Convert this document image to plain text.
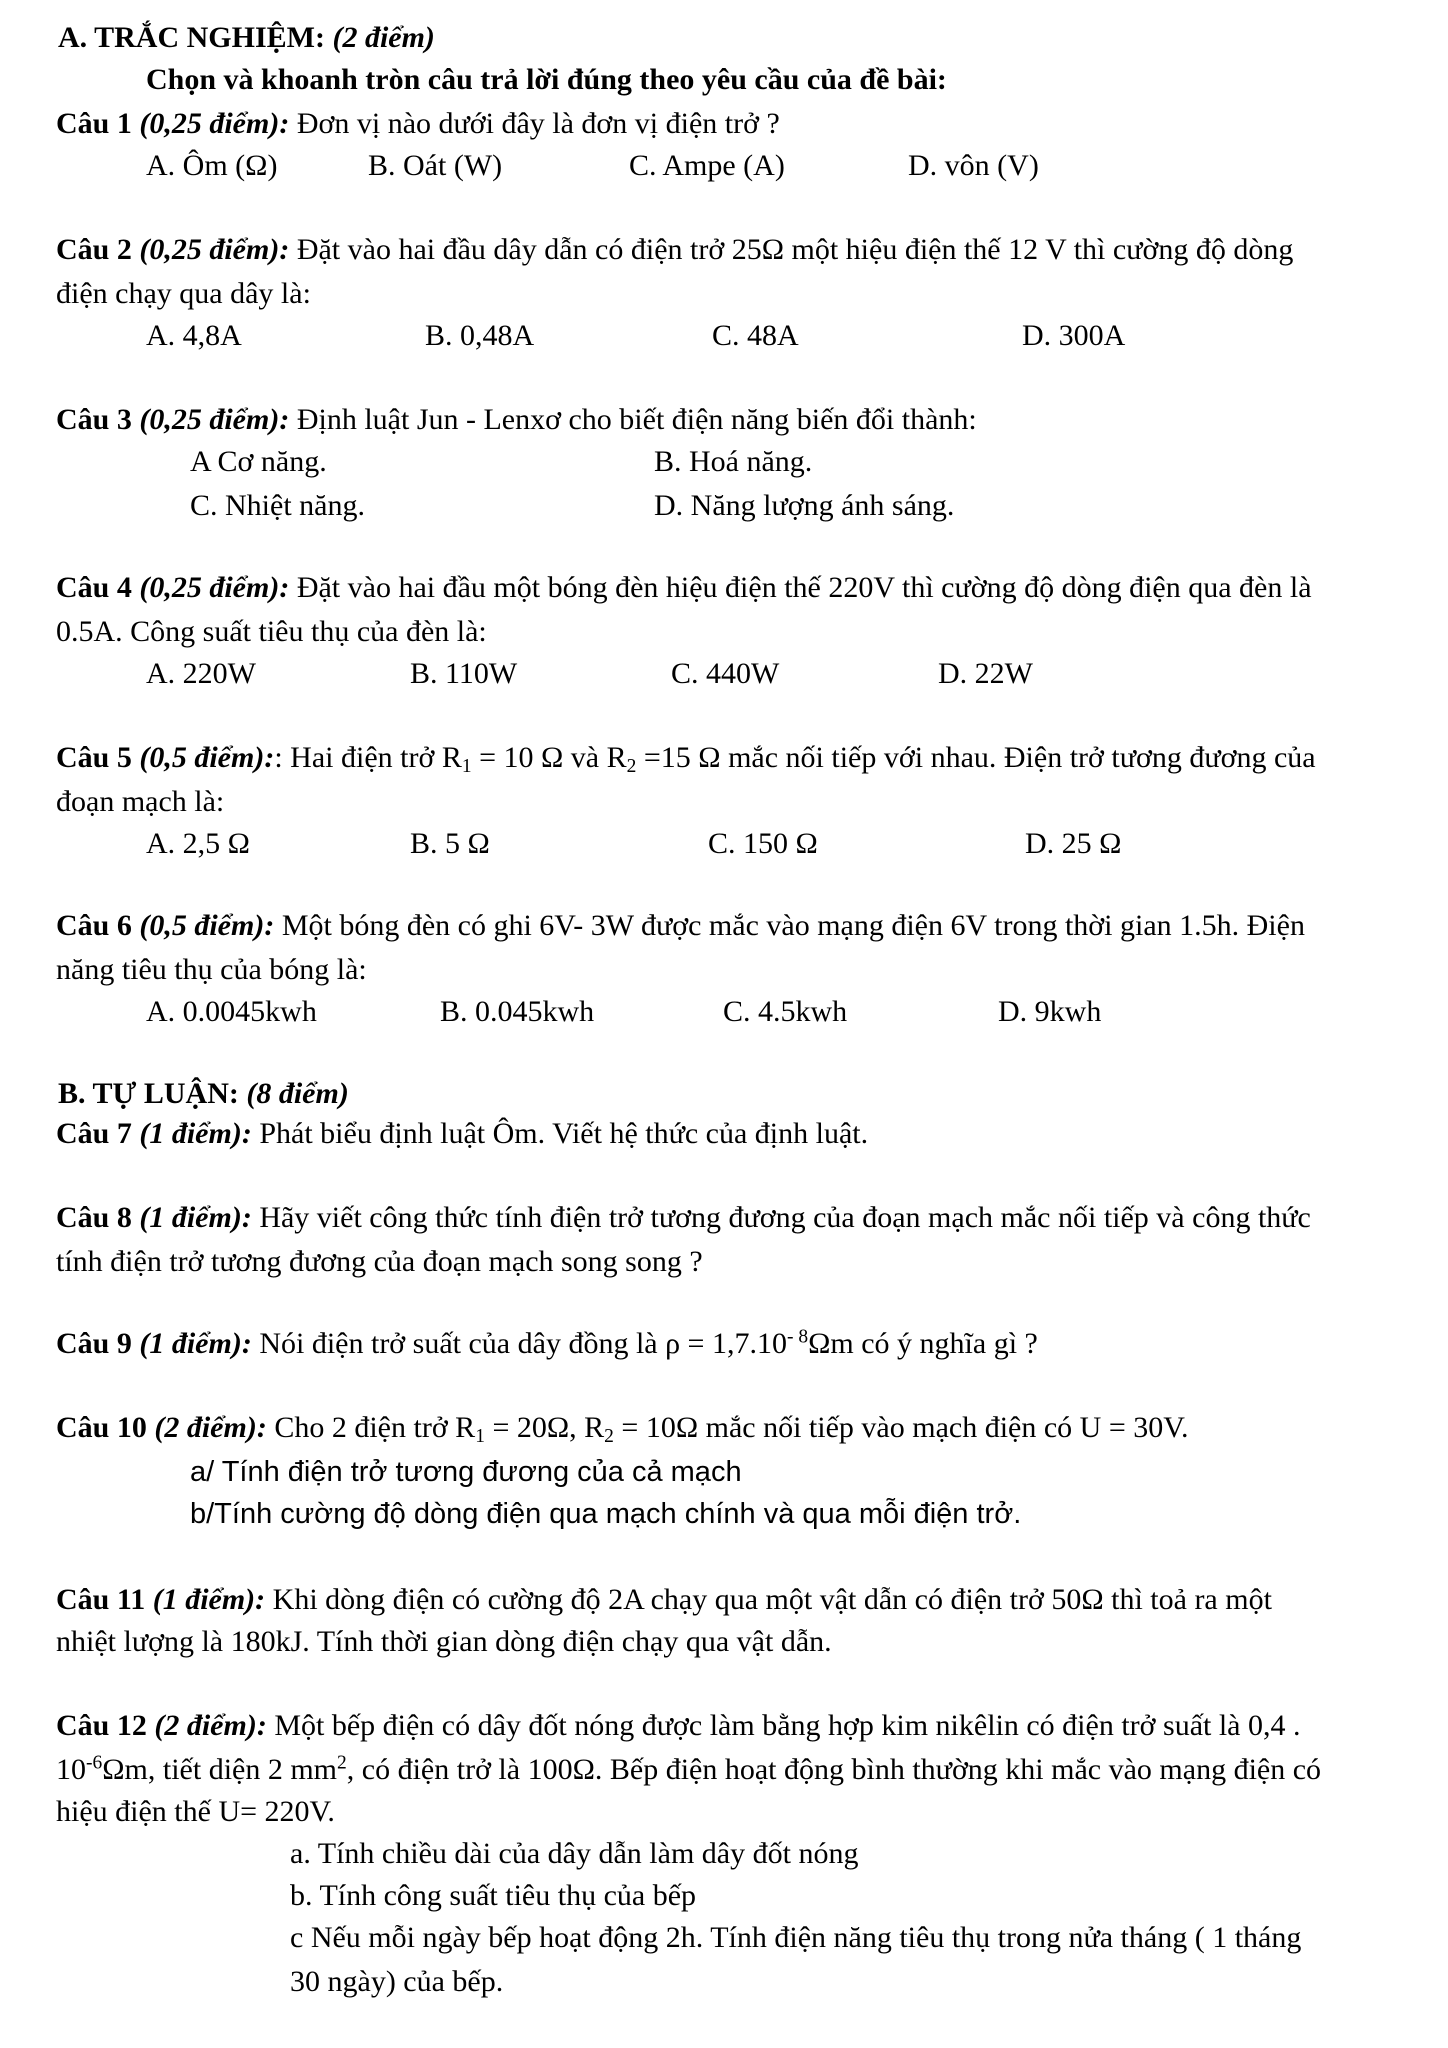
A. TRẮC NGHIỆM: (2 điểm)
Chọn và khoanh tròn câu trả lời đúng theo yêu cầu của đề bài:
Câu 1 (0,25 điểm): Đơn vị nào dưới đây là đơn vị điện trở ?
A. Ôm (Ω)	B. Oát (W)	C. Ampe (A)	D. vôn (V)
Câu 2 (0,25 điểm): Đặt vào hai đầu dây dẫn có điện trở 25Ω một hiệu điện thế 12 V thì cường độ dòng
điện chạy qua dây là:
A. 4,8A	B. 0,48A	C. 48A	D. 300A
Câu 3 (0,25 điểm): Định luật Jun - Lenxơ cho biết điện năng biến đổi thành:
A Cơ năng.	B. Hoá năng.
C. Nhiệt năng.	D. Năng lượng ánh sáng.
Câu 4 (0,25 điểm): Đặt vào hai đầu một bóng đèn hiệu điện thế 220V thì cường độ dòng điện qua đèn là
0.5A. Công suất tiêu thụ của đèn là:
A. 220W	B. 110W	C. 440W	D. 22W
Câu 5 (0,5 điểm):: Hai điện trở $R_1 = 10$ Ω và $R_2 =15$ Ω mắc nối tiếp với nhau. Điện trở tương đương của
đoạn mạch là:
A. 2,5 Ω	B. 5 Ω	C. 150 Ω	D. 25 Ω
Câu 6 (0,5 điểm): Một bóng đèn có ghi 6V- 3W được mắc vào mạng điện 6V trong thời gian 1.5h. Điện
năng tiêu thụ của bóng là:
A. 0.0045kwh	B. 0.045kwh	C. 4.5kwh	D. 9kwh
B. TỰ LUẬN: (8 điểm)
Câu 7 (1 điểm): Phát biểu định luật Ôm. Viết hệ thức của định luật.
Câu 8 (1 điểm): Hãy viết công thức tính điện trở tương đương của đoạn mạch mắc nối tiếp và công thức
tính điện trở tương đương của đoạn mạch song song ?
Câu 9 (1 điểm): Nói điện trở suất của dây đồng là $\rho = 1,7.10^{- 8}\Omega m$ có ý nghĩa gì ?
Câu 10 (2 điểm): Cho 2 điện trở $R_1 = 20\Omega$, $R_2 = 10\Omega$ mắc nối tiếp vào mạch điện có U = 30V.
a/ Tính điện trở tương đương của cả mạch
b/Tính cường độ dòng điện qua mạch chính và qua mỗi điện trở.
Câu 11 (1 điểm): Khi dòng điện có cường độ 2A chạy qua một vật dẫn có điện trở 50Ω thì toả ra một
nhiệt lượng là 180kJ. Tính thời gian dòng điện chạy qua vật dẫn.
Câu 12 (2 điểm): Một bếp điện có dây đốt nóng được làm bằng hợp kim nikêlin có điện trở suất là 0,4 .
$10^{-6}\Omega m$, tiết diện 2 $mm^2$, có điện trở là 100Ω. Bếp điện hoạt động bình thường khi mắc vào mạng điện có
hiệu điện thế U= 220V.
a. Tính chiều dài của dây dẫn làm dây đốt nóng
b. Tính công suất tiêu thụ của bếp
c Nếu mỗi ngày bếp hoạt động 2h. Tính điện năng tiêu thụ trong nửa tháng ( 1 tháng
30 ngày) của bếp.
